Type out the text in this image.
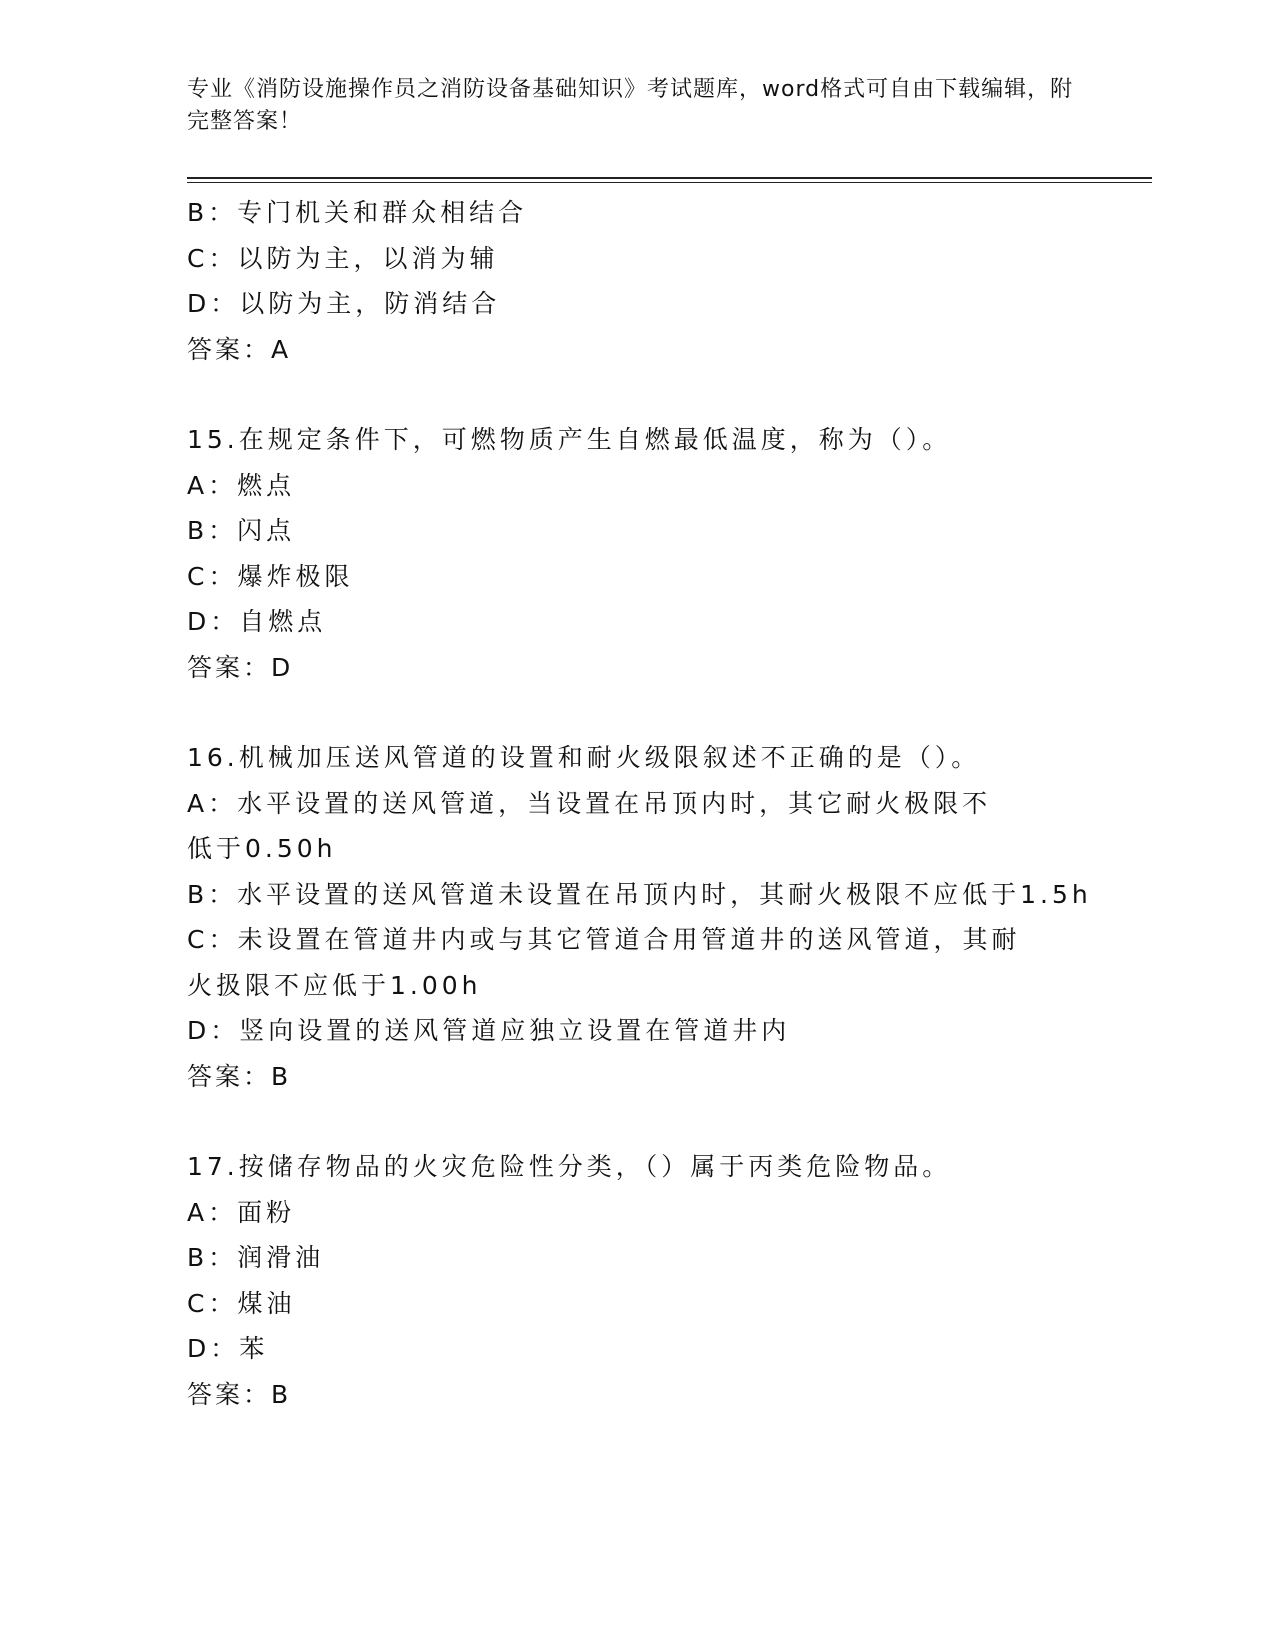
专业《消防设施操作员之消防设备基础知识》考试题库，word格式可自由下载编辑，附完整答案！
B：专门机关和群众相结合
C：以防为主，以消为辅
D：以防为主，防消结合
答案：A
15.在规定条件下，可燃物质产生自燃最低温度，称为（）。
A：燃点
B：闪点
C：爆炸极限
D：自燃点
答案：D
16.机械加压送风管道的设置和耐火级限叙述不正确的是（）。
A：水平设置的送风管道，当设置在吊顶内时，其它耐火极限不低于0.50h
B：水平设置的送风管道未设置在吊顶内时，其耐火极限不应低于1.5h
C：未设置在管道井内或与其它管道合用管道井的送风管道，其耐火扱限不应低于1.00h
D：竖向设置的送风管道应独立设置在管道井内
答案：B
17.按储存物品的火灾危险性分类，（）属于丙类危险物品。
A：面粉
B：润滑油
C：煤油
D：苯
答案：B
